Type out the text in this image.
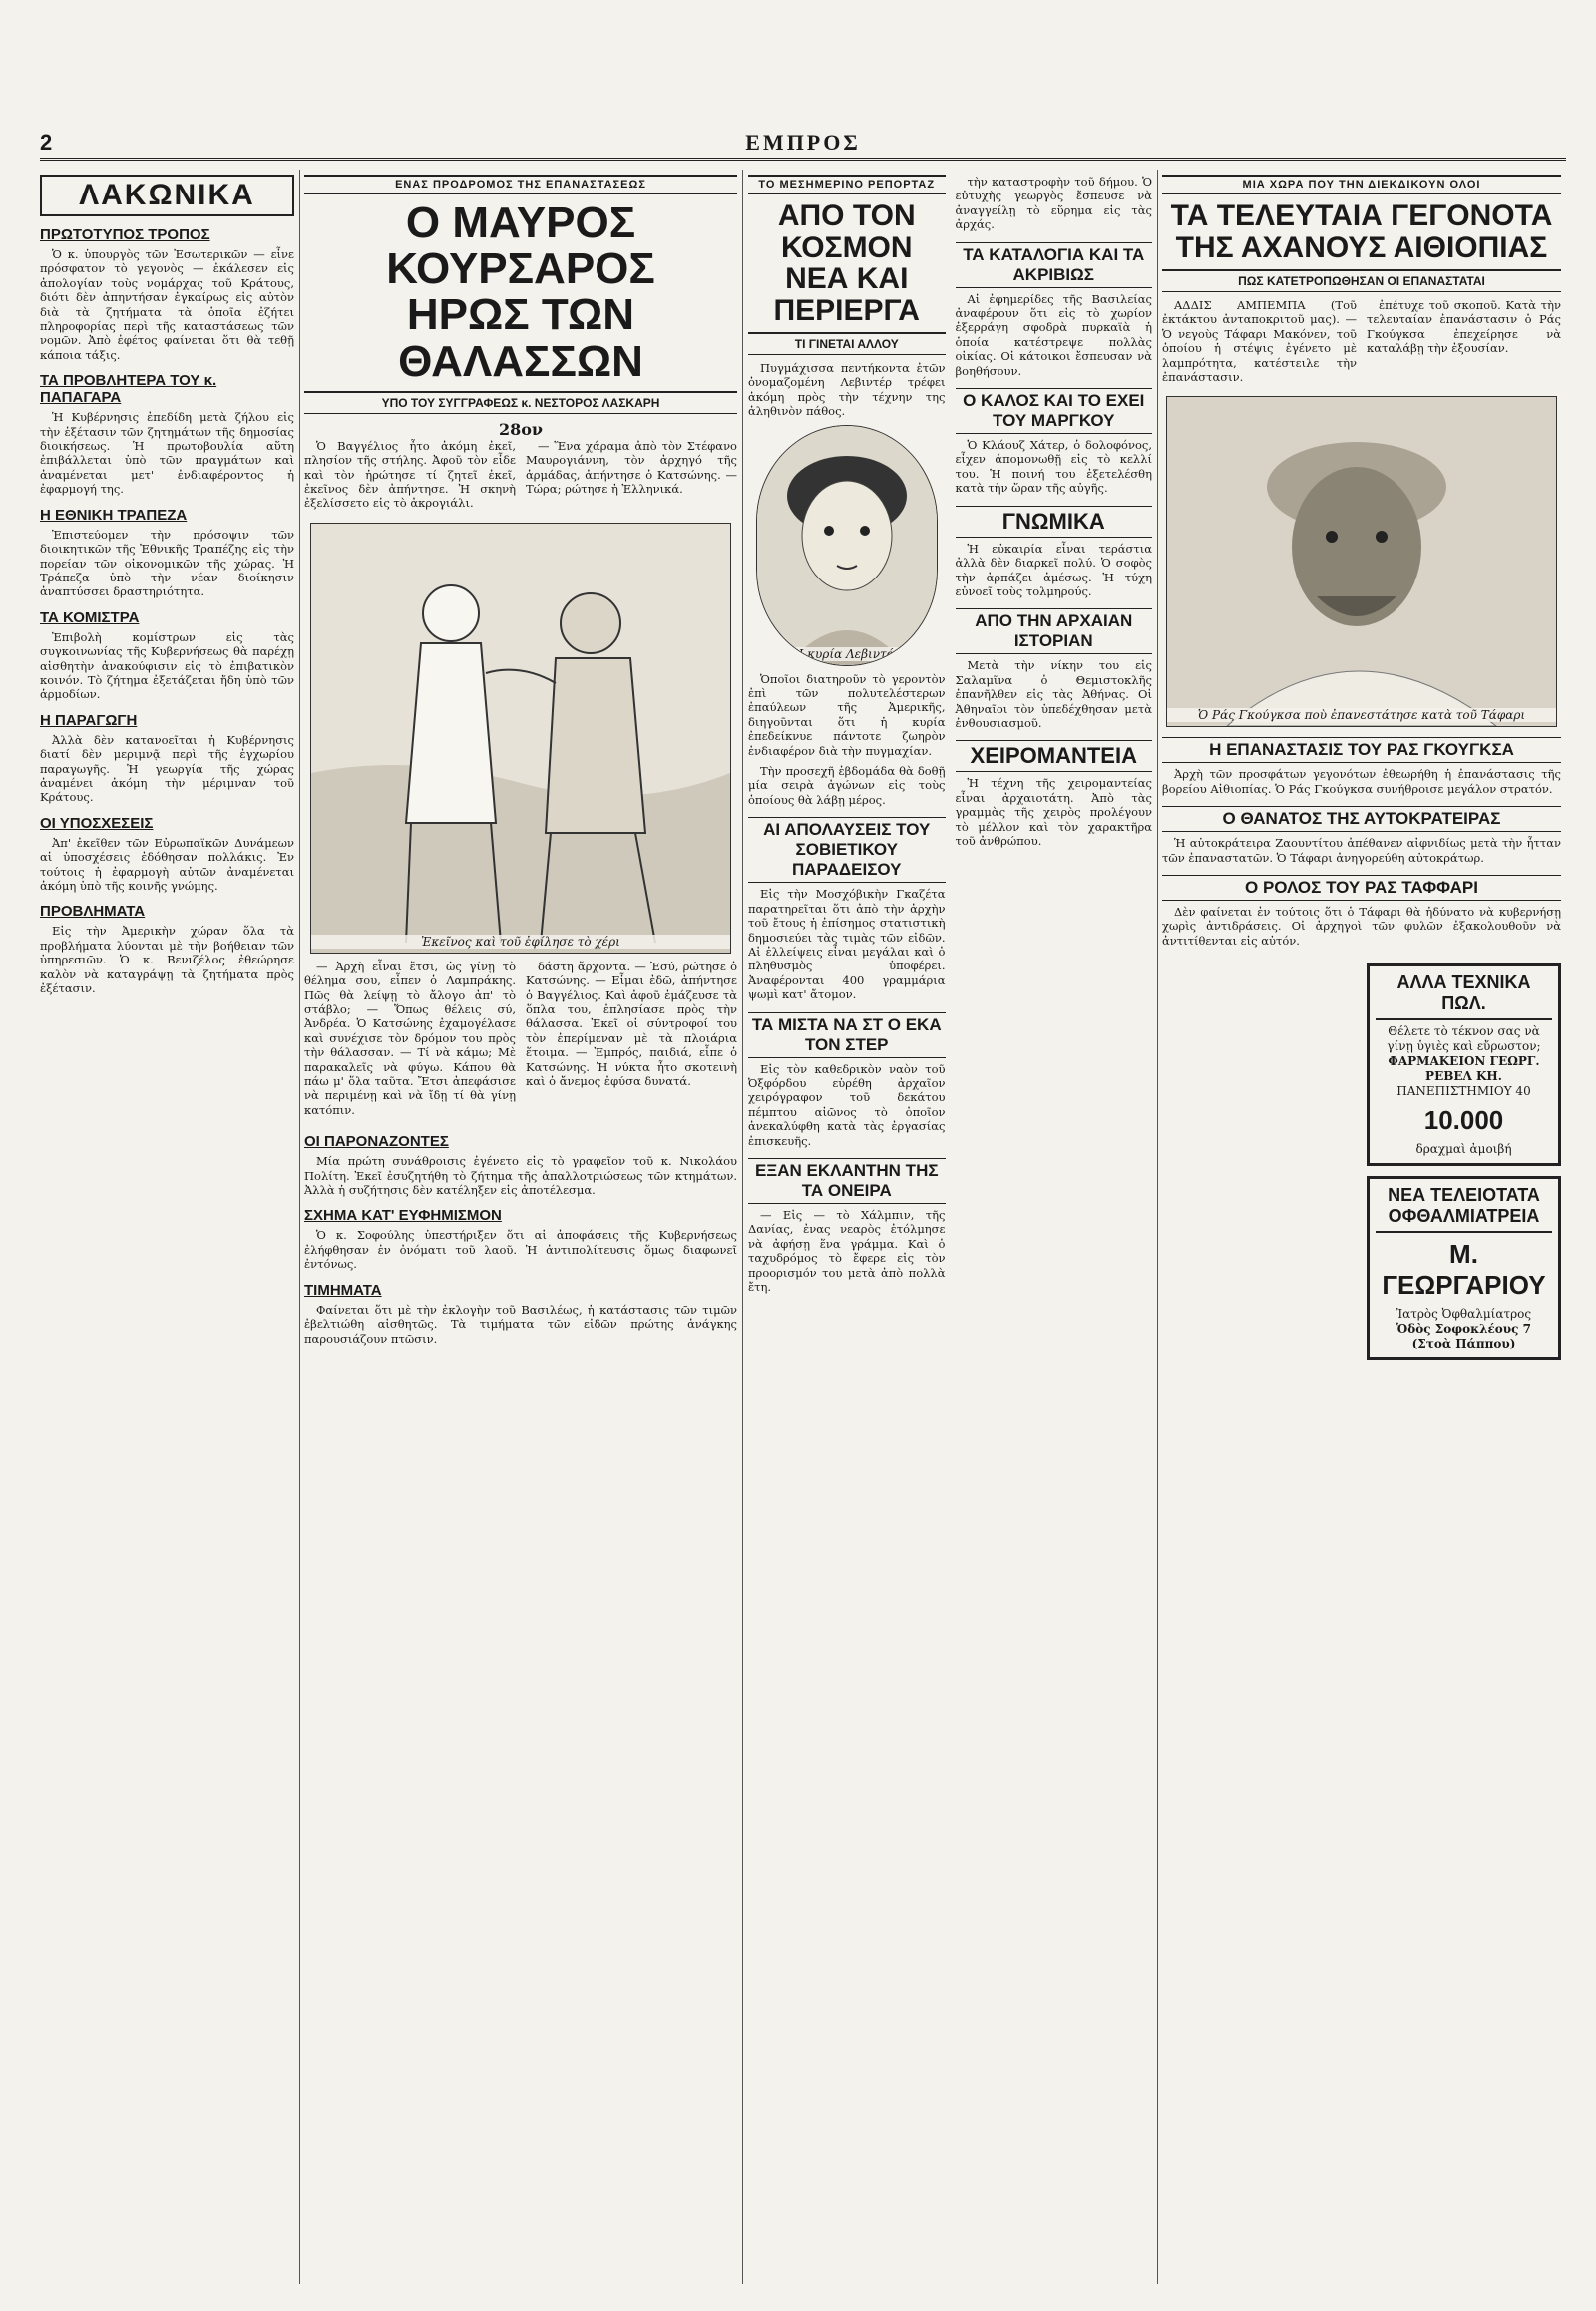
2	ΕΜΠΡΟΣ
ΛΑΚΩΝΙΚΑ
ΠΡΩΤΟΤΥΠΟΣ ΤΡΟΠΟΣ

Ὁ κ. ὑπουργὸς τῶν Ἐσωτερικῶν — εἶνε πρόσφατον τὸ γεγονὸς — ἐκάλεσεν εἰς ἀπολογίαν τοὺς νομάρχας τοῦ Κράτους, διότι δὲν ἀπηντήσαν ἐγκαίρως εἰς αὐτὸν διὰ τὰ ζητήματα τὰ ὁποῖα ἐζήτει πληροφορίας περὶ τῆς καταστάσεως τῶν νομῶν. Ἀπὸ ἐφέτος φαίνεται ὅτι θὰ τεθῇ κάποια τάξις.

ΤΑ ΠΡΟΒΛΗΤΕΡΑ ΤΟΥ κ. ΠΑΠΑΓΑΡΑ

Ἡ Κυβέρνησις ἐπεδίδη μετὰ ζήλου εἰς τὴν ἐξέτασιν τῶν ζητημάτων τῆς δημοσίας διοικήσεως. Ἡ πρωτοβουλία αὕτη ἐπιβάλλεται ὑπὸ τῶν πραγμάτων καὶ ἀναμένεται μετ' ἐνδιαφέροντος ἡ ἐφαρμογή της.

Η ΕΘΝΙΚΗ ΤΡΑΠΕΖΑ

Ἐπιστεύομεν τὴν πρόσοψιν τῶν διοικητικῶν τῆς Ἐθνικῆς Τραπέζης εἰς τὴν πορείαν τῶν οἰκονομικῶν τῆς χώρας. Ἡ Τράπεζα ὑπὸ τὴν νέαν διοίκησιν ἀναπτύσσει δραστηριότητα.

ΤΑ ΚΟΜΙΣΤΡΑ

Ἐπιβολὴ κομίστρων εἰς τὰς συγκοινωνίας τῆς Κυβερνήσεως θὰ παρέχῃ αἰσθητὴν ἀνακούφισιν εἰς τὸ ἐπιβατικὸν κοινόν. Τὸ ζήτημα ἐξετάζεται ἤδη ὑπὸ τῶν ἁρμοδίων.

Η ΠΑΡΑΓΩΓΗ

Ἀλλὰ δὲν κατανοεῖται ἡ Κυβέρνησις διατί δὲν μεριμνᾷ περὶ τῆς ἐγχωρίου παραγωγῆς. Ἡ γεωργία τῆς χώρας ἀναμένει ἀκόμη τὴν μέριμναν τοῦ Κράτους.

ΟΙ ΥΠΟΣΧΕΣΕΙΣ

Ἀπ' ἐκεῖθεν τῶν Εὐρωπαϊκῶν Δυνάμεων αἱ ὑποσχέσεις ἐδόθησαν πολλάκις. Ἐν τούτοις ἡ ἐφαρμογὴ αὐτῶν ἀναμένεται ἀκόμη ὑπὸ τῆς κοινῆς γνώμης.

ΠΡΟΒΛΗΜΑΤΑ

Εἰς τὴν Ἀμερικὴν χώραν ὅλα τὰ προβλήματα λύονται μὲ τὴν βοήθειαν τῶν ὑπηρεσιῶν. Ὁ κ. Βενιζέλος ἐθεώρησε καλὸν νὰ καταγράψῃ τὰ ζητήματα πρὸς ἐξέτασιν.

ΕΝΑΣ ΠΡΟΔΡΟΜΟΣ ΤΗΣ ΕΠΑΝΑΣΤΑΣΕΩΣ
Ο ΜΑΥΡΟΣ ΚΟΥΡΣΑΡΟΣ
ΗΡΩΣ ΤΩΝ ΘΑΛΑΣΣΩΝ
ΥΠΟ ΤΟΥ ΣΥΓΓΡΑΦΕΩΣ κ. ΝΕΣΤΟΡΟΣ ΛΑΣΚΑΡΗ
28ον

Ὁ Βαγγέλιος ἦτο ἀκόμη ἐκεῖ, πλησίον τῆς στήλης. Ἀφοῦ τὸν εἶδε καὶ τὸν ἠρώτησε τί ζητεῖ ἐκεῖ, ἐκεῖνος δὲν ἀπήντησε. Ἡ σκηνὴ ἐξελίσσετο εἰς τὸ ἀκρογιάλι.

— Ἕνα χάραμα ἀπὸ τὸν Στέφανο Μαυρογιάννη, τὸν ἀρχηγό τῆς ἁρμάδας, ἀπήντησε ὁ Κατσώνης. — Τώρα; ρώτησε ἡ Ἑλληνικά.

Ἐκεῖνος καὶ τοῦ ἐφίλησε τὸ χέρι

— Ἀρχὴ εἶναι ἔτσι, ὡς γίνῃ τὸ θέλημα σου, εἶπεν ὁ Λαμπράκης. Πῶς θὰ λείψῃ τὸ ἄλογο ἀπ' τὸ στάβλο; — Ὅπως θέλεις σύ, Ἀνδρέα. Ὁ Κατσώνης ἐχαμογέλασε καὶ συνέχισε τὸν δρόμον του πρὸς τὴν θάλασσαν. — Τί νὰ κάμω; Μὲ παρακαλεῖς νὰ φύγω. Κάπου θὰ πάω μ' ὅλα ταῦτα. Ἔτσι ἀπεφάσισε νὰ περιμένῃ καὶ νὰ ἴδῃ τί θὰ γίνῃ κατόπιν.

δάστη ἄρχοντα. — Ἐσύ, ρώτησε ὁ Κατσώνης. — Εἶμαι ἐδῶ, ἀπήντησε ὁ Βαγγέλιος. Καὶ ἀφοῦ ἐμάζευσε τὰ ὅπλα του, ἐπλησίασε πρὸς τὴν θάλασσα. Ἐκεῖ οἱ σύντροφοί του τὸν ἐπερίμεναν μὲ τὰ πλοιάρια ἕτοιμα. — Ἐμπρός, παιδιά, εἶπε ὁ Κατσώνης. Ἡ νύκτα ἦτο σκοτεινὴ καὶ ὁ ἄνεμος ἐφύσα δυνατά.

ΟΙ ΠΑΡΟΝΑΖΟΝΤΕΣ

Μία πρώτη συνάθροισις ἐγένετο εἰς τὸ γραφεῖον τοῦ κ. Νικολάου Πολίτη. Ἐκεῖ ἐσυζητήθη τὸ ζήτημα τῆς ἀπαλλοτριώσεως τῶν κτημάτων. Ἀλλὰ ἡ συζήτησις δὲν κατέληξεν εἰς ἀποτέλεσμα.

ΣΧΗΜΑ ΚΑΤ' ΕΥΦΗΜΙΣΜΟΝ

Ὁ κ. Σοφούλης ὑπεστήριξεν ὅτι αἱ ἀποφάσεις τῆς Κυβερνήσεως ἐλήφθησαν ἐν ὀνόματι τοῦ λαοῦ. Ἡ ἀντιπολίτευσις ὅμως διαφωνεῖ ἐντόνως.

ΤΙΜΗΜΑΤΑ

Φαίνεται ὅτι μὲ τὴν ἐκλογὴν τοῦ Βασιλέως, ἡ κατάστασις τῶν τιμῶν ἐβελτιώθη αἰσθητῶς. Τὰ τιμήματα τῶν εἰδῶν πρώτης ἀνάγκης παρουσιάζουν πτῶσιν.

ΤΟ ΜΕΣΗΜΕΡΙΝΟ ΡΕΠΟΡΤΑΖ
ΑΠΟ ΤΟΝ ΚΟΣΜΟΝ
ΝΕΑ ΚΑΙ ΠΕΡΙΕΡΓΑ
ΤΙ ΓΙΝΕΤΑΙ ΑΛΛΟΥ

Πυγμάχισσα πεντήκοντα ἐτῶν ὀνομαζομένη Λεβιντέρ τρέφει ἀκόμη πρὸς τὴν τέχνην της ἀληθινὸν πάθος.

Ἡ κυρία Λεβιντάν

Ὁποῖοι διατηροῦν τὸ γεροντὸν ἐπὶ τῶν πολυτελέστερων ἐπαύλεων τῆς Ἀμερικῆς, διηγοῦνται ὅτι ἡ κυρία ἐπεδείκνυε πάντοτε ζωηρὸν ἐνδιαφέρον διὰ τὴν πυγμαχίαν.

Τὴν προσεχῆ ἑβδομάδα θὰ δοθῇ μία σειρὰ ἀγώνων εἰς τοὺς ὁποίους θὰ λάβῃ μέρος.

ΑΙ ΑΠΟΛΑΥΣΕΙΣ ΤΟΥ ΣΟΒΙΕΤΙΚΟΥ ΠΑΡΑΔΕΙΣΟΥ

Εἰς τὴν Μοσχόβικὴν Γκαζέτα παρατηρεῖται ὅτι ἀπὸ τὴν ἀρχὴν τοῦ ἔτους ἡ ἐπίσημος στατιστικὴ δημοσιεύει τὰς τιμὰς τῶν εἰδῶν. Αἱ ἐλλείψεις εἶναι μεγάλαι καὶ ὁ πληθυσμὸς ὑποφέρει. Ἀναφέρονται 400 γραμμάρια ψωμὶ κατ' ἄτομον.

ΤΑ ΜΙΣΤΑ ΝΑ ΣΤ Ο ΕΚΑ ΤΟΝ ΣΤΕΡ

Εἰς τὸν καθεδρικὸν ναὸν τοῦ Ὀξφόρδου εὑρέθη ἀρχαῖον χειρόγραφον τοῦ δεκάτου πέμπτου αἰῶνος τὸ ὁποῖον ἀνεκαλύφθη κατὰ τὰς ἐργασίας ἐπισκευῆς.

ΕΞΑΝ ΕΚΛΑΝΤΗΝ ΤΗΣ ΤΑ ΟΝΕΙΡΑ

— Εἰς — τὸ Χάλμπιν, τῆς Δανίας, ἐνας νεαρὸς ἐτόλμησε νὰ ἀφήσῃ ἕνα γράμμα. Καὶ ὁ ταχυδρόμος τὸ ἔφερε εἰς τὸν προορισμόν του μετὰ ἀπὸ πολλὰ ἔτη.

τὴν καταστροφὴν τοῦ δήμου. Ὁ εὐτυχὴς γεωργὸς ἔσπευσε νὰ ἀναγγείλῃ τὸ εὕρημα εἰς τὰς ἀρχάς.

ΤΑ ΚΑΤΑΛΟΓΙΑ ΚΑΙ ΤΑ ΑΚΡΙΒΙΩΣ

Αἱ ἐφημερίδες τῆς Βασιλείας ἀναφέρουν ὅτι εἰς τὸ χωρίον ἐξερράγη σφοδρὰ πυρκαϊὰ ἡ ὁποία κατέστρεψε πολλὰς οἰκίας. Οἱ κάτοικοι ἔσπευσαν νὰ βοηθήσουν.

Ο ΚΑΛΟΣ ΚΑΙ ΤΟ ΕΧΕΙ ΤΟΥ ΜΑΡΓΚΟΥ

Ὁ Κλάουζ Χάτερ, ὁ δολοφόνος, εἶχεν ἀπομονωθῇ εἰς τὸ κελλί του. Ἡ ποινή του ἐξετελέσθη κατὰ τὴν ὥραν τῆς αὐγῆς.

ΓΝΩΜΙΚΑ

Ἡ εὐκαιρία εἶναι τεράστια ἀλλὰ δὲν διαρκεῖ πολύ. Ὁ σοφὸς τὴν ἀρπάζει ἀμέσως. Ἡ τύχη εὐνοεῖ τοὺς τολμηρούς.

ΑΠΟ ΤΗΝ ΑΡΧΑΙΑΝ ΙΣΤΟΡΙΑΝ

Μετὰ τὴν νίκην του εἰς Σαλαμῖνα ὁ Θεμιστοκλῆς ἐπανῆλθεν εἰς τὰς Ἀθήνας. Οἱ Ἀθηναῖοι τὸν ὑπεδέχθησαν μετὰ ἐνθουσιασμοῦ.

ΧΕΙΡΟΜΑΝΤΕΙΑ

Ἡ τέχνη τῆς χειρομαντείας εἶναι ἀρχαιοτάτη. Ἀπὸ τὰς γραμμὰς τῆς χειρὸς προλέγουν τὸ μέλλον καὶ τὸν χαρακτῆρα τοῦ ἀνθρώπου.

ΜΙΑ ΧΩΡΑ ΠΟΥ ΤΗΝ ΔΙΕΚΔΙΚΟΥΝ ΟΛΟΙ
ΤΑ ΤΕΛΕΥΤΑΙΑ ΓΕΓΟΝΟΤΑ
ΤΗΣ ΑΧΑΝΟΥΣ ΑΙΘΙΟΠΙΑΣ
ΠΩΣ ΚΑΤΕΤΡΟΠΩΘΗΣΑΝ ΟΙ ΕΠΑΝΑΣΤΑΤΑΙ

ΑΔΔΙΣ ΑΜΠΕΜΠΑ (Τοῦ ἐκτάκτου ἀνταποκριτοῦ μας). — Ὁ νεγοὺς Τάφαρι Μακόνεν, τοῦ ὁποίου ἡ στέψις ἐγένετο μὲ λαμπρότητα, κατέστειλε τὴν ἐπανάστασιν.

ἐπέτυχε τοῦ σκοποῦ. Κατὰ τὴν τελευταίαν ἐπανάστασιν ὁ Ράς Γκούγκσα ἐπεχείρησε νὰ καταλάβῃ τὴν ἐξουσίαν.

Ὁ Ράς Γκούγκσα ποὺ ἐπανεστάτησε κατὰ τοῦ Τάφαρι
Η ΕΠΑΝΑΣΤΑΣΙΣ ΤΟΥ ΡΑΣ ΓΚΟΥΓΚΣΑ

Ἀρχὴ τῶν προσφάτων γεγονότων ἐθεωρήθη ἡ ἐπανάστασις τῆς βορείου Αἰθιοπίας. Ὁ Ράς Γκούγκσα συνήθροισε μεγάλον στρατόν.

Ο ΘΑΝΑΤΟΣ ΤΗΣ ΑΥΤΟΚΡΑΤΕΙΡΑΣ

Ἡ αὐτοκράτειρα Ζαουντίτου ἀπέθανεν αἰφνιδίως μετὰ τὴν ἧτταν τῶν ἐπαναστατῶν. Ὁ Τάφαρι ἀνηγορεύθη αὐτοκράτωρ.

Ο ΡΟΛΟΣ ΤΟΥ ΡΑΣ ΤΑΦΦΑΡΙ

Δὲν φαίνεται ἐν τούτοις ὅτι ὁ Τάφαρι θὰ ἠδύνατο νὰ κυβερνήσῃ χωρὶς ἀντιδράσεις. Οἱ ἀρχηγοὶ τῶν φυλῶν ἐξακολουθοῦν νὰ ἀντιτίθενται εἰς αὐτόν.

ΑΛΛΑ ΤΕΧΝΙΚΑ ΠΩΛ.
Θέλετε τὸ τέκνον σας νὰ γίνῃ ὑγιὲς καὶ εὔρωστον;
ΦΑΡΜΑΚΕΙΟΝ ΓΕΩΡΓ. ΡΕΒΕΛ ΚΗ.
ΠΑΝΕΠΙΣΤΗΜΙΟΥ 40
10.000
δραχμαὶ ἀμοιβή
ΝΕΑ ΤΕΛΕΙΟΤΑΤΑ ΟΦΘΑΛΜΙΑΤΡΕΙΑ
Μ. ΓΕΩΡΓΑΡΙΟΥ
Ἰατρὸς Ὀφθαλμίατρος
Ὁδὸς Σοφοκλέους 7 (Στοὰ Πάππου)
